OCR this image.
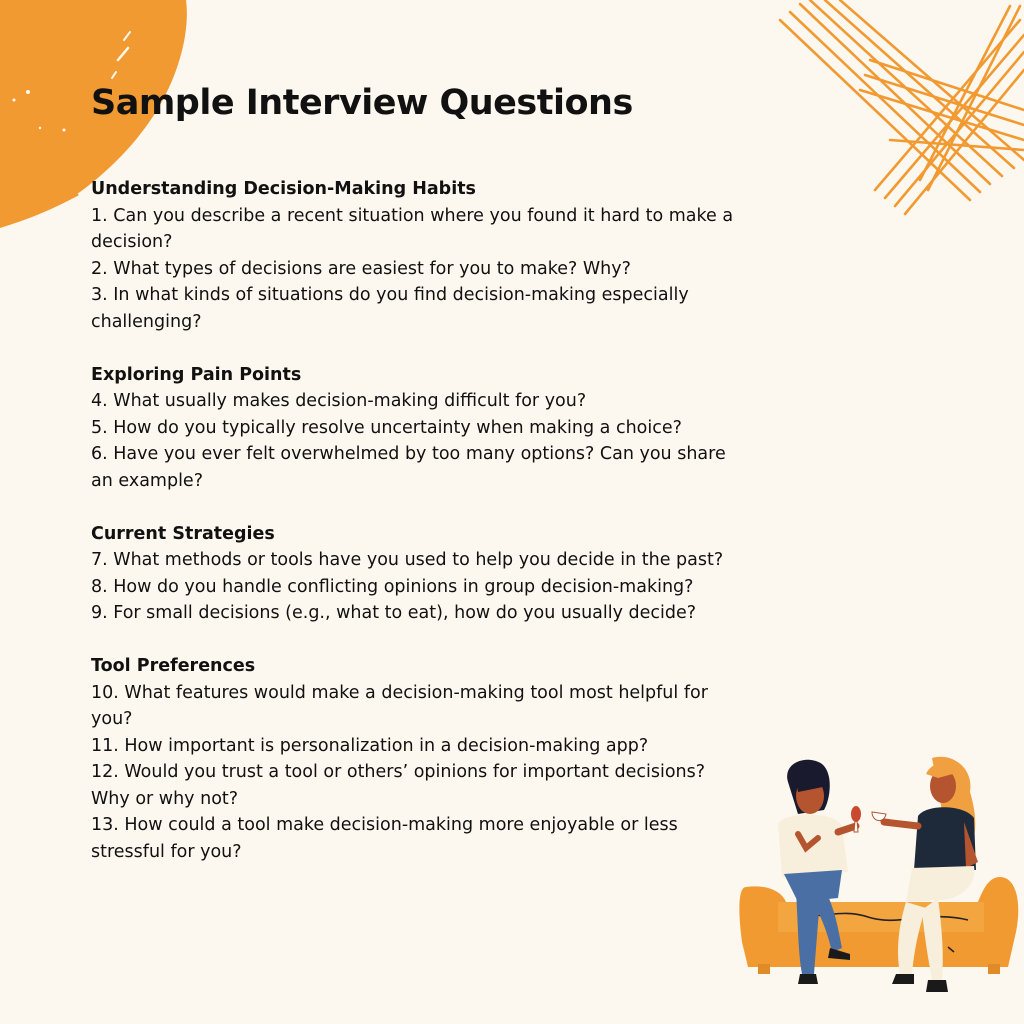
Sample Interview Questions

Understanding Decision-Making Habits

1. Can you describe a recent situation where you found it hard to make a decision?

2. What types of decisions are easiest for you to make? Why?

3. In what kinds of situations do you find decision-making especially challenging?

Exploring Pain Points

4. What usually makes decision-making difficult for you?

5. How do you typically resolve uncertainty when making a choice?

6. Have you ever felt overwhelmed by too many options? Can you share an example?

Current Strategies

7. What methods or tools have you used to help you decide in the past?

8. How do you handle conflicting opinions in group decision-making?

9. For small decisions (e.g., what to eat), how do you usually decide?

Tool Preferences

10. What features would make a decision-making tool most helpful for you?

11. How important is personalization in a decision-making app?

12. Would you trust a tool or others’ opinions for important decisions? Why or why not?

13. How could a tool make decision-making more enjoyable or less stressful for you?
